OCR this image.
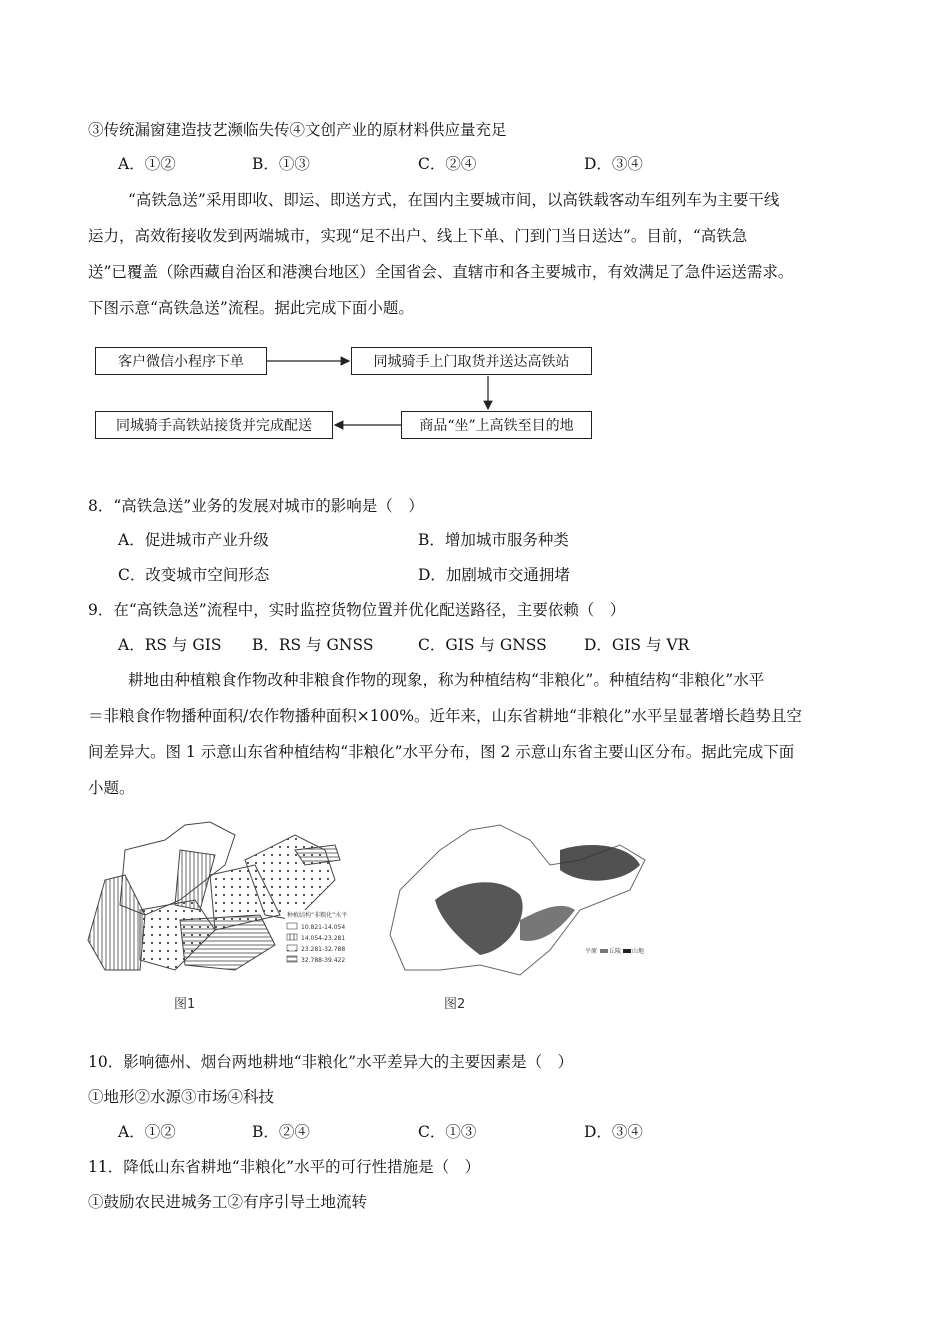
③传统漏窗建造技艺濒临失传④文创产业的原材料供应量充足
A．①②	B．①③	C．②④	D．③④
“高铁急送”采用即收、即运、即送方式，在国内主要城市间，以高铁载客动车组列车为主要干线
运力，高效衔接收发到两端城市，实现“足不出户、线上下单、门到门当日送达”。目前，“高铁急
送”已覆盖（除西藏自治区和港澳台地区）全国省会、直辖市和各主要城市，有效满足了急件运送需求。
下图示意“高铁急送”流程。据此完成下面小题。
客户微信小程序下单	同城骑手上门取货并送达高铁站
商品“坐”上高铁至目的地
同城骑手高铁站接货并完成配送
8．“高铁急送”业务的发展对城市的影响是（　）
A．促进城市产业升级	B．增加城市服务种类
C．改变城市空间形态	D．加剧城市交通拥堵
9．在“高铁急送”流程中，实时监控货物位置并优化配送路径，主要依赖（　）
A．RS 与 GIS B．RS 与 GNSS	C．GIS 与 GNSS D．GIS 与 VR
耕地由种植粮食作物改种非粮食作物的现象，称为种植结构“非粮化”。种植结构“非粮化”水平
＝非粮食作物播种面积/农作物播种面积×100%。近年来，山东省耕地“非粮化”水平呈显著增长趋势且空
间差异大。图 1 示意山东省种植结构“非粮化”水平分布，图 2 示意山东省主要山区分布。据此完成下面
小题。
种植结构“非粮化”水平
10.821-14.054
14.054-23.281
23.281-32.788
32.788-39.422
图1
平原 丘陵 山地
图2
10．影响德州、烟台两地耕地“非粮化”水平差异大的主要因素是（　）
①地形②水源③市场④科技
A．①②	B．②④	C．①③	D．③④
11．降低山东省耕地“非粮化”水平的可行性措施是（　）
①鼓励农民进城务工②有序引导土地流转
